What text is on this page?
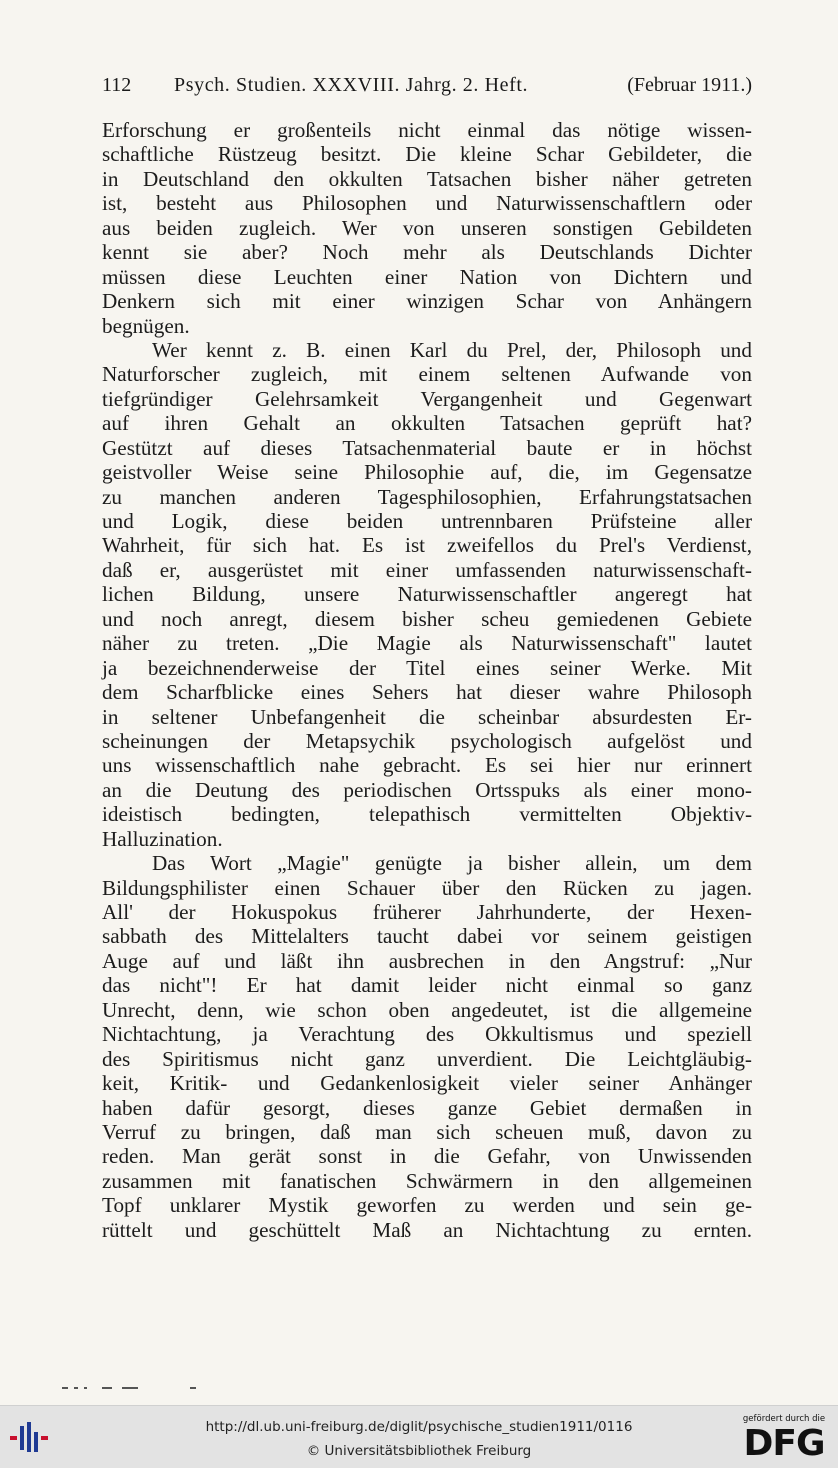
112 Psych. Studien. XXXVIII. Jahrg. 2. Heft.	(Februar 1911.)
Erforschung er großenteils nicht einmal das nötige wissen-
schaftliche Rüstzeug besitzt. Die kleine Schar Gebildeter, die
in Deutschland den okkulten Tatsachen bisher näher getreten
ist, besteht aus Philosophen und Naturwissenschaftlern oder
aus beiden zugleich. Wer von unseren sonstigen Gebildeten
kennt sie aber? Noch mehr als Deutschlands Dichter
müssen diese Leuchten einer Nation von Dichtern und
Denkern sich mit einer winzigen Schar von Anhängern
begnügen.
Wer kennt z. B. einen Karl du Prel, der, Philosoph und
Naturforscher zugleich, mit einem seltenen Aufwande von
tiefgründiger Gelehrsamkeit Vergangenheit und Gegenwart
auf ihren Gehalt an okkulten Tatsachen geprüft hat?
Gestützt auf dieses Tatsachenmaterial baute er in höchst
geistvoller Weise seine Philosophie auf, die, im Gegensatze
zu manchen anderen Tagesphilosophien, Erfahrungstatsachen
und Logik, diese beiden untrennbaren Prüfsteine aller
Wahrheit, für sich hat. Es ist zweifellos du Prel's Verdienst,
daß er, ausgerüstet mit einer umfassenden naturwissenschaft-
lichen Bildung, unsere Naturwissenschaftler angeregt hat
und noch anregt, diesem bisher scheu gemiedenen Gebiete
näher zu treten. „Die Magie als Naturwissenschaft" lautet
ja bezeichnenderweise der Titel eines seiner Werke. Mit
dem Scharfblicke eines Sehers hat dieser wahre Philosoph
in seltener Unbefangenheit die scheinbar absurdesten Er-
scheinungen der Metapsychik psychologisch aufgelöst und
uns wissenschaftlich nahe gebracht. Es sei hier nur erinnert
an die Deutung des periodischen Ortsspuks als einer mono-
ideistisch bedingten, telepathisch vermittelten Objektiv-
Halluzination.
Das Wort „Magie" genügte ja bisher allein, um dem
Bildungsphilister einen Schauer über den Rücken zu jagen.
All' der Hokuspokus früherer Jahrhunderte, der Hexen-
sabbath des Mittelalters taucht dabei vor seinem geistigen
Auge auf und läßt ihn ausbrechen in den Angstruf: „Nur
das nicht"! Er hat damit leider nicht einmal so ganz
Unrecht, denn, wie schon oben angedeutet, ist die allgemeine
Nichtachtung, ja Verachtung des Okkultismus und speziell
des Spiritismus nicht ganz unverdient. Die Leichtgläubig-
keit, Kritik- und Gedankenlosigkeit vieler seiner Anhänger
haben dafür gesorgt, dieses ganze Gebiet dermaßen in
Verruf zu bringen, daß man sich scheuen muß, davon zu
reden. Man gerät sonst in die Gefahr, von Unwissenden
zusammen mit fanatischen Schwärmern in den allgemeinen
Topf unklarer Mystik geworfen zu werden und sein ge-
rüttelt und geschüttelt Maß an Nichtachtung zu ernten.
http://dl.ub.uni-freiburg.de/diglit/psychische_studien1911/0116
© Universitätsbibliothek Freiburg
gefördert durch die
DFG
